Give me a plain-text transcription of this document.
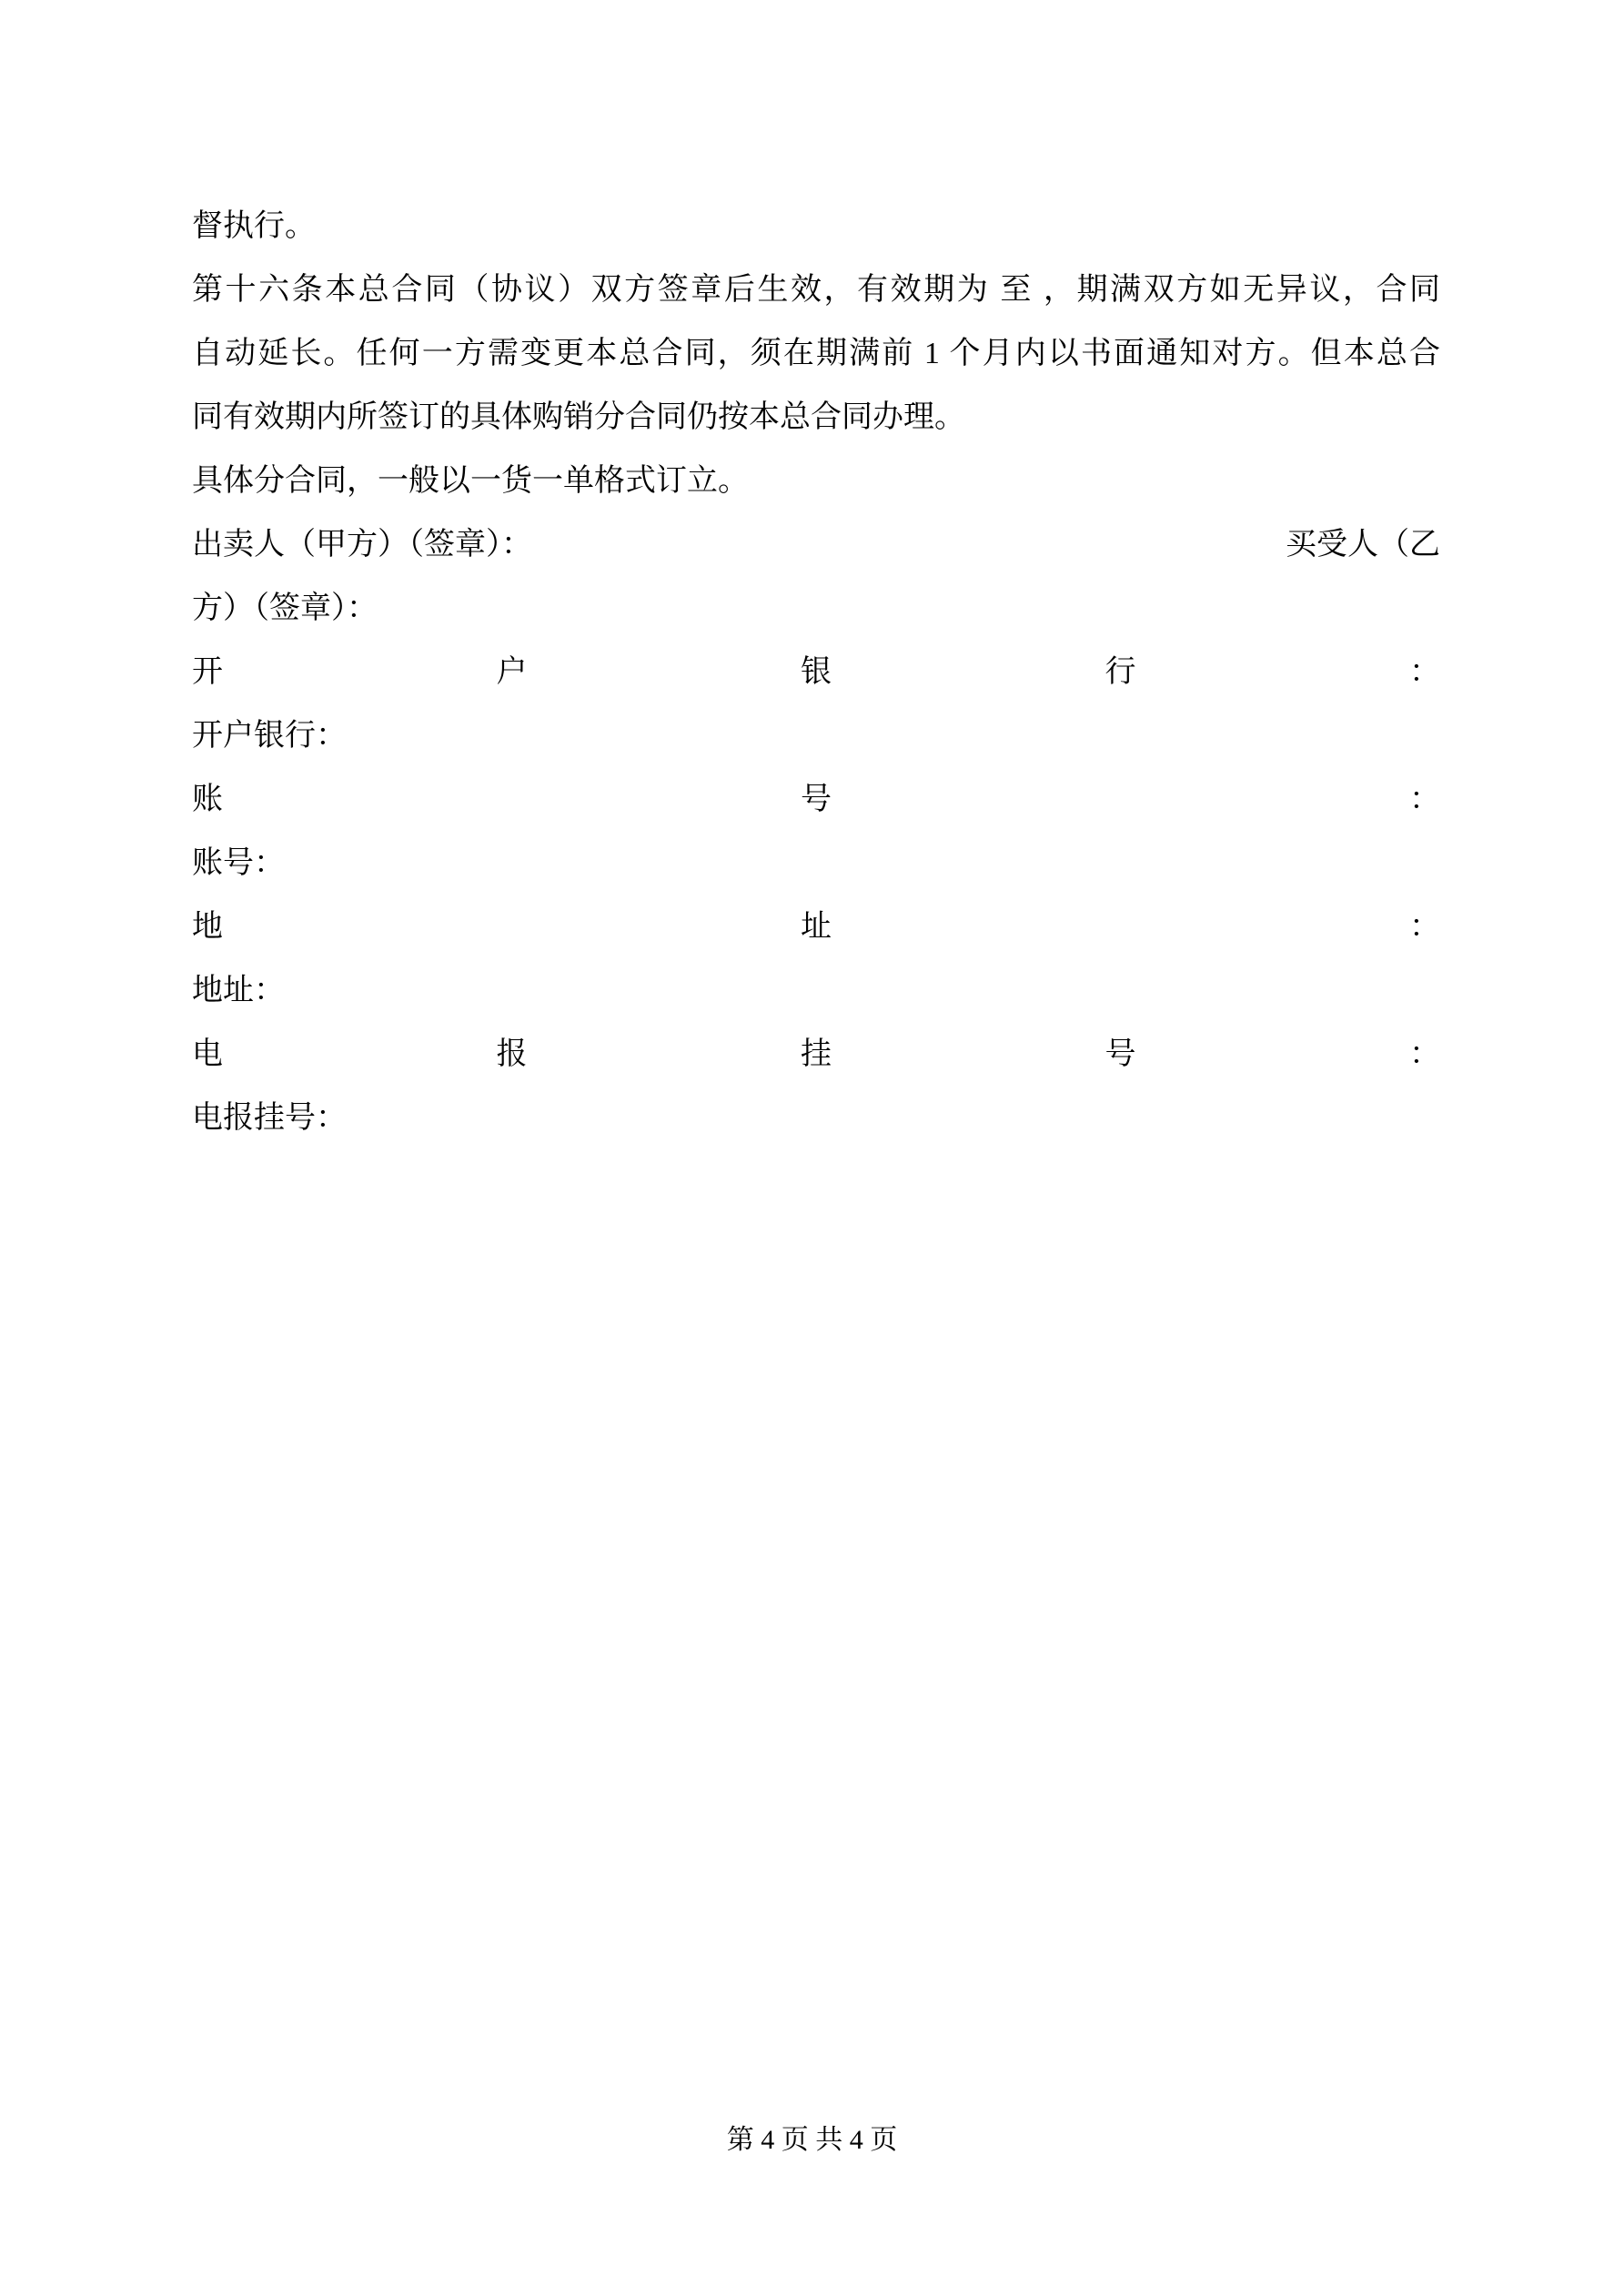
督执行。
第十六条本总合同（协议）双方签章后生效，有效期为 至 ，期满双方如无异议，合同
自动延长。任何一方需变更本总合同，须在期满前 1 个月内以书面通知对方。但本总合
同有效期内所签订的具体购销分合同仍按本总合同办理。
具体分合同，一般以一货一单格式订立。
出卖人（甲方）（签章）：	买受人（乙
方）（签章）：
开	户	银	行	：
开户银行：
账	号	：
账号：
地	址	：
地址：
电	报	挂	号	：
电报挂号：
第 4 页 共 4 页
